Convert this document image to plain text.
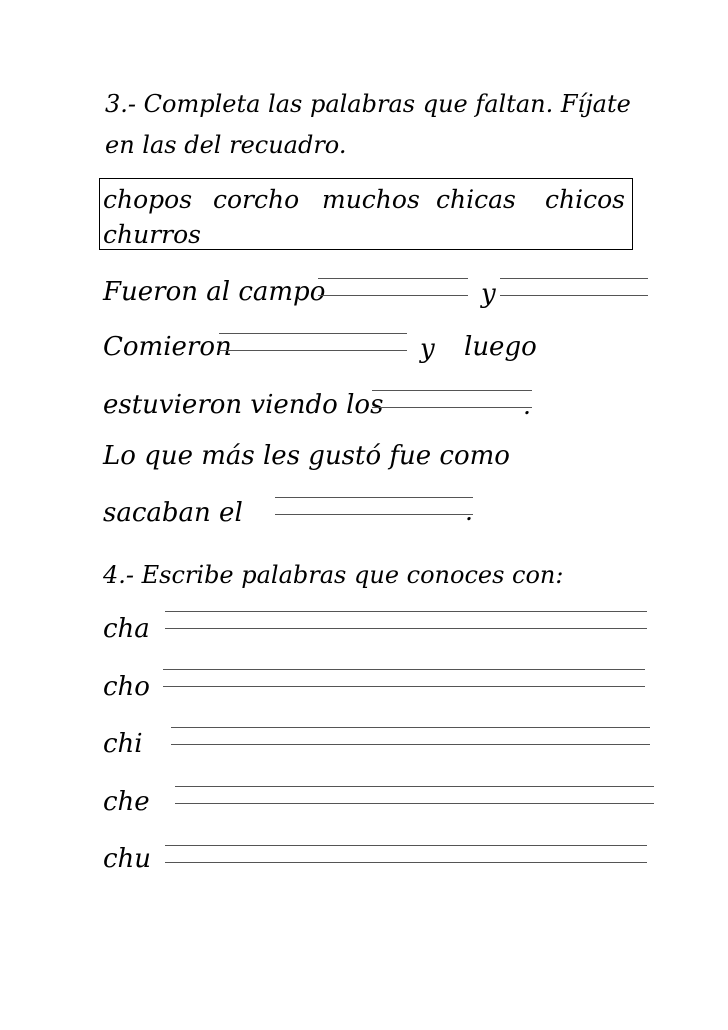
3.- Completa las palabras que faltan. Fíjate
en las del recuadro.
chopos corcho muchos chicas chicos
churros
Fueron al campo	y
Comieron	y luego
estuvieron viendo los	.
Lo que más les gustó fue como
sacaban el	.
4.- Escribe palabras que conoces con:
cha
cho
chi
che
chu
